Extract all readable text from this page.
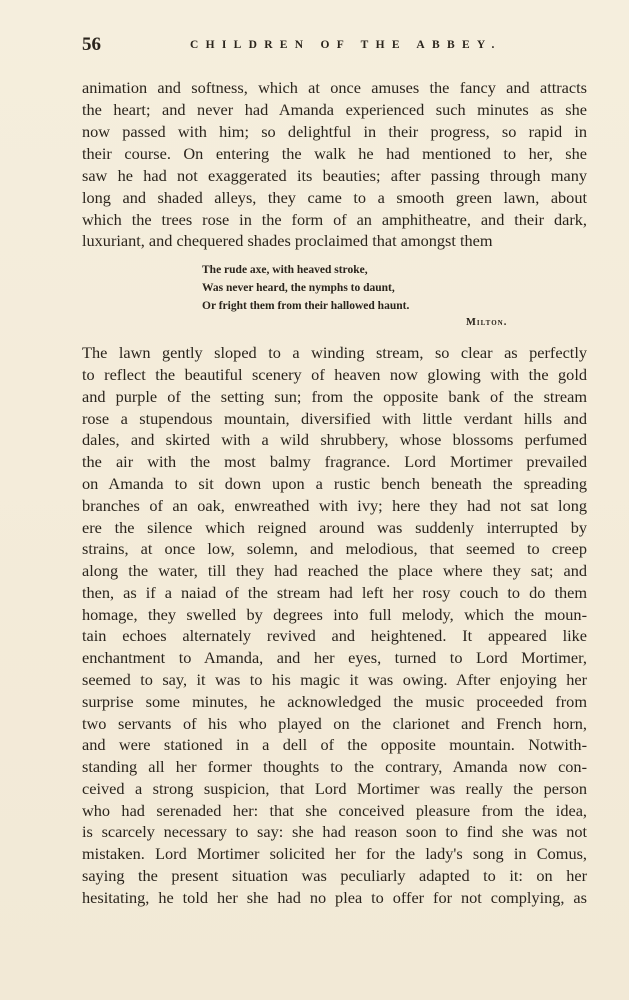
56	CHILDREN OF THE ABBEY.
animation and softness, which at once amuses the fancy and attracts
the heart; and never had Amanda experienced such minutes as she
now passed with him; so delightful in their progress, so rapid in
their course. On entering the walk he had mentioned to her, she
saw he had not exaggerated its beauties; after passing through many
long and shaded alleys, they came to a smooth green lawn, about
which the trees rose in the form of an amphitheatre, and their dark,
luxuriant, and chequered shades proclaimed that amongst them
The rude axe, with heaved stroke,
Was never heard, the nymphs to daunt,
Or fright them from their hallowed haunt.
Milton.
The lawn gently sloped to a winding stream, so clear as perfectly
to reflect the beautiful scenery of heaven now glowing with the gold
and purple of the setting sun; from the opposite bank of the stream
rose a stupendous mountain, diversified with little verdant hills and
dales, and skirted with a wild shrubbery, whose blossoms perfumed
the air with the most balmy fragrance. Lord Mortimer prevailed
on Amanda to sit down upon a rustic bench beneath the spreading
branches of an oak, enwreathed with ivy; here they had not sat long
ere the silence which reigned around was suddenly interrupted by
strains, at once low, solemn, and melodious, that seemed to creep
along the water, till they had reached the place where they sat; and
then, as if a naiad of the stream had left her rosy couch to do them
homage, they swelled by degrees into full melody, which the moun-
tain echoes alternately revived and heightened. It appeared like
enchantment to Amanda, and her eyes, turned to Lord Mortimer,
seemed to say, it was to his magic it was owing. After enjoying her
surprise some minutes, he acknowledged the music proceeded from
two servants of his who played on the clarionet and French horn,
and were stationed in a dell of the opposite mountain. Notwith-
standing all her former thoughts to the contrary, Amanda now con-
ceived a strong suspicion, that Lord Mortimer was really the person
who had serenaded her: that she conceived pleasure from the idea,
is scarcely necessary to say: she had reason soon to find she was not
mistaken. Lord Mortimer solicited her for the lady's song in Comus,
saying the present situation was peculiarly adapted to it: on her
hesitating, he told her she had no plea to offer for not complying, as
